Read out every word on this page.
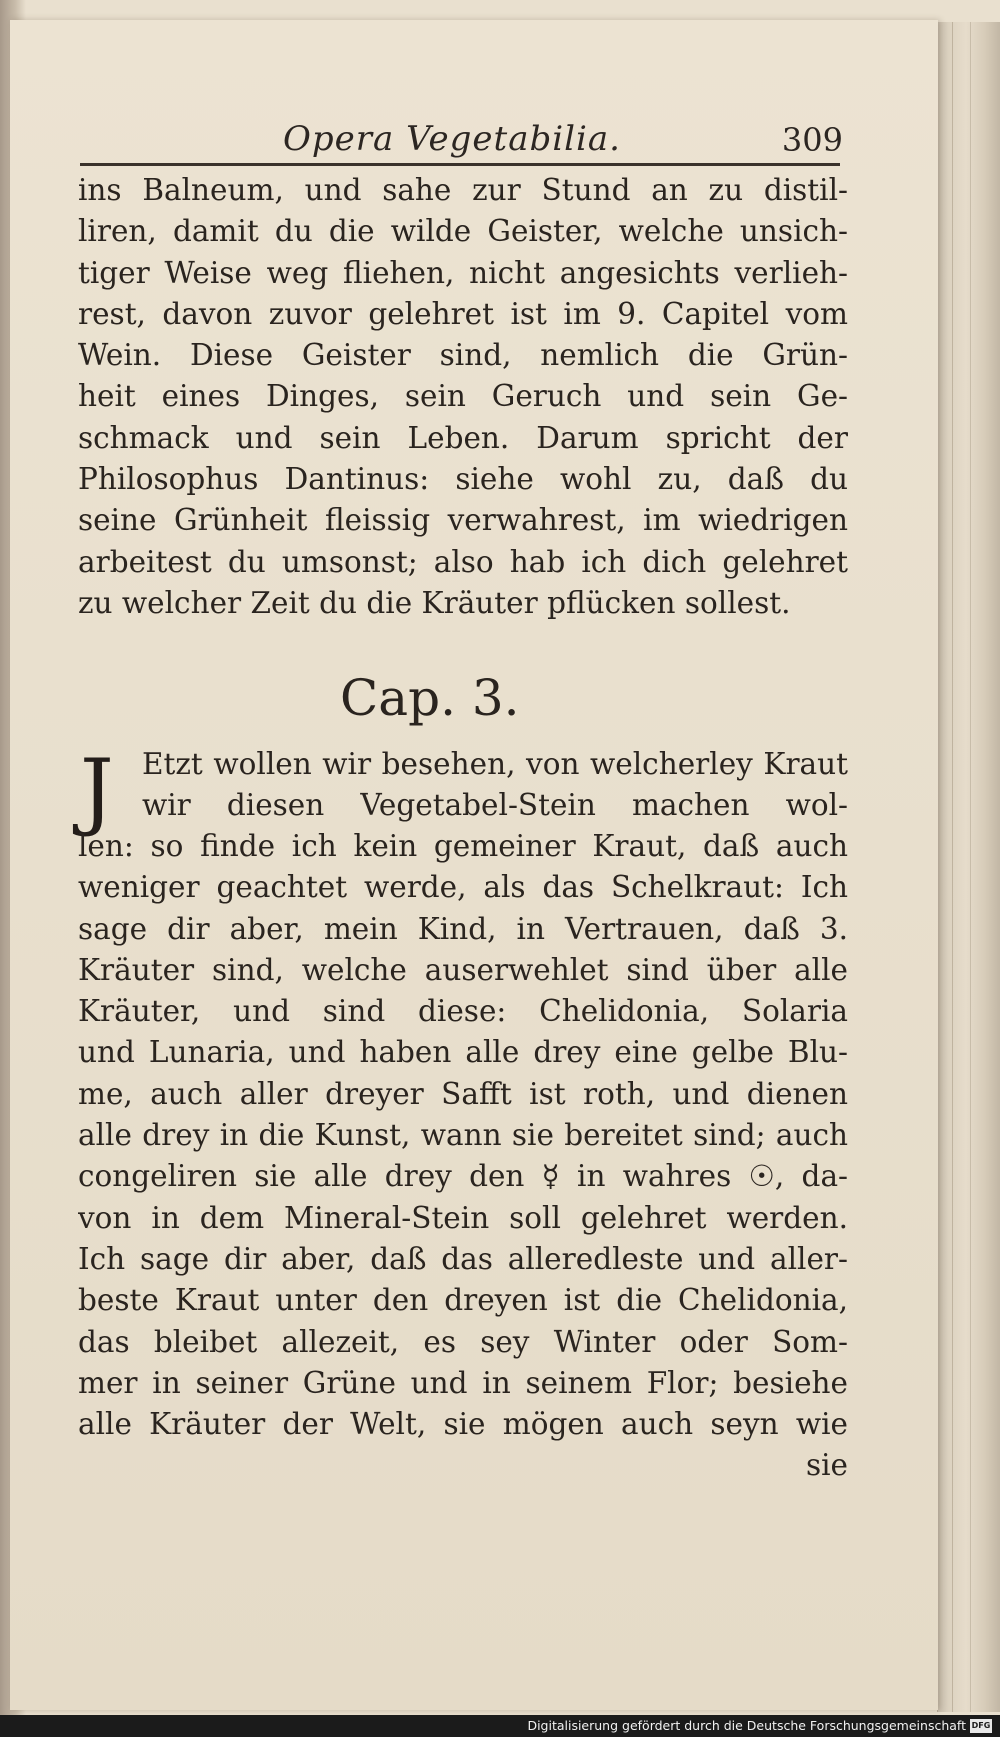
Opera Vegetabilia.	309
ins Balneum, und sahe zur Stund an zu distil-
liren, damit du die wilde Geister, welche unsich-
tiger Weise weg fliehen, nicht angesichts verlieh-
rest, davon zuvor gelehret ist im 9. Capitel vom
Wein. Diese Geister sind, nemlich die Grün-
heit eines Dinges, sein Geruch und sein Ge-
schmack und sein Leben. Darum spricht der
Philosophus Dantinus: siehe wohl zu, daß du
seine Grünheit fleissig verwahrest, im wiedrigen
arbeitest du umsonst; also hab ich dich gelehret
zu welcher Zeit du die Kräuter pflücken sollest.
Cap. 3.
J Etzt wollen wir besehen, von welcherley Kraut
wir diesen Vegetabel-Stein machen wol-
len: so finde ich kein gemeiner Kraut, daß auch
weniger geachtet werde, als das Schelkraut: Ich
sage dir aber, mein Kind, in Vertrauen, daß 3.
Kräuter sind, welche auserwehlet sind über alle
Kräuter, und sind diese: Chelidonia, Solaria
und Lunaria, und haben alle drey eine gelbe Blu-
me, auch aller dreyer Safft ist roth, und dienen
alle drey in die Kunst, wann sie bereitet sind; auch
congeliren sie alle drey den ☿ in wahres ☉, da-
von in dem Mineral-Stein soll gelehret werden.
Ich sage dir aber, daß das alleredleste und aller-
beste Kraut unter den dreyen ist die Chelidonia,
das bleibet allezeit, es sey Winter oder Som-
mer in seiner Grüne und in seinem Flor; besiehe
alle Kräuter der Welt, sie mögen auch seyn wie
sie
Digitalisierung gefördert durch die Deutsche Forschungsgemeinschaft DFG
